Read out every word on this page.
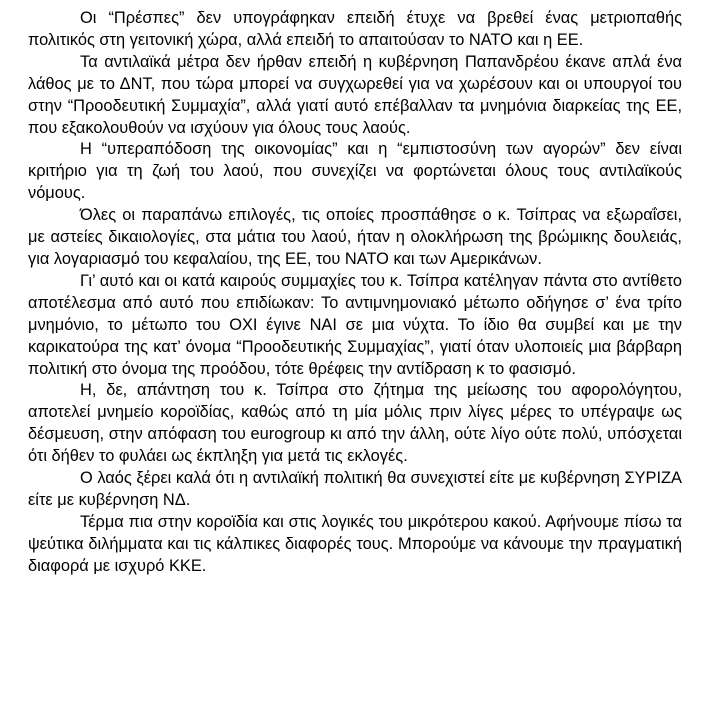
Οι “Πρέσπες” δεν υπογράφηκαν επειδή έτυχε να βρεθεί ένας μετριοπαθής πολιτικός στη γειτονική χώρα, αλλά επειδή το απαιτούσαν το ΝΑΤΟ και η ΕΕ.

Τα αντιλαϊκά μέτρα δεν ήρθαν επειδή η κυβέρνηση Παπανδρέου έκανε απλά ένα λάθος με το ΔΝΤ, που τώρα μπορεί να συγχωρεθεί για να χωρέσουν και οι υπουργοί του στην “Προοδευτική Συμμαχία”, αλλά γιατί αυτό επέβαλλαν τα μνημόνια διαρκείας της ΕΕ, που εξακολουθούν να ισχύουν για όλους τους λαούς.

Η “υπεραπόδοση της οικονομίας” και η “εμπιστοσύνη των αγορών” δεν είναι κριτήριο για τη ζωή του λαού, που συνεχίζει να φορτώνεται όλους τους αντιλαϊκούς νόμους.

Όλες οι παραπάνω επιλογές, τις οποίες προσπάθησε ο κ. Τσίπρας να εξωραΐσει, με αστείες δικαιολογίες, στα μάτια του λαού, ήταν η ολοκλήρωση της βρώμικης δουλειάς, για λογαριασμό του κεφαλαίου, της ΕΕ, του ΝΑΤΟ και των Αμερικάνων.

Γι’ αυτό και οι κατά καιρούς συμμαχίες του κ. Τσίπρα κατέληγαν πάντα στο αντίθετο αποτέλεσμα από αυτό που επιδίωκαν: Το αντιμνημονιακό μέτωπο οδήγησε σ’ ένα τρίτο μνημόνιο, το μέτωπο του ΟΧΙ έγινε ΝΑΙ σε μια νύχτα. Το ίδιο θα συμβεί και με την καρικατούρα της κατ’ όνομα “Προοδευτικής Συμμαχίας”, γιατί όταν υλοποιείς μια βάρβαρη πολιτική στο όνομα της προόδου, τότε θρέφεις την αντίδραση κ το φασισμό.

Η, δε, απάντηση του κ. Τσίπρα στο ζήτημα της μείωσης του αφορολόγητου, αποτελεί μνημείο κοροϊδίας, καθώς από τη μία μόλις πριν λίγες μέρες το υπέγραψε ως δέσμευση, στην απόφαση του eurogroup κι από την άλλη, ούτε λίγο ούτε πολύ, υπόσχεται ότι δήθεν το φυλάει ως έκπληξη για μετά τις εκλογές.

Ο λαός ξέρει καλά ότι η αντιλαϊκή πολιτική θα συνεχιστεί είτε με κυβέρνηση ΣΥΡΙΖΑ είτε με κυβέρνηση ΝΔ.

Τέρμα πια στην κοροϊδία και στις λογικές του μικρότερου κακού. Αφήνουμε πίσω τα ψεύτικα διλήμματα και τις κάλπικες διαφορές τους. Μπορούμε να κάνουμε την πραγματική διαφορά με ισχυρό ΚΚΕ.
